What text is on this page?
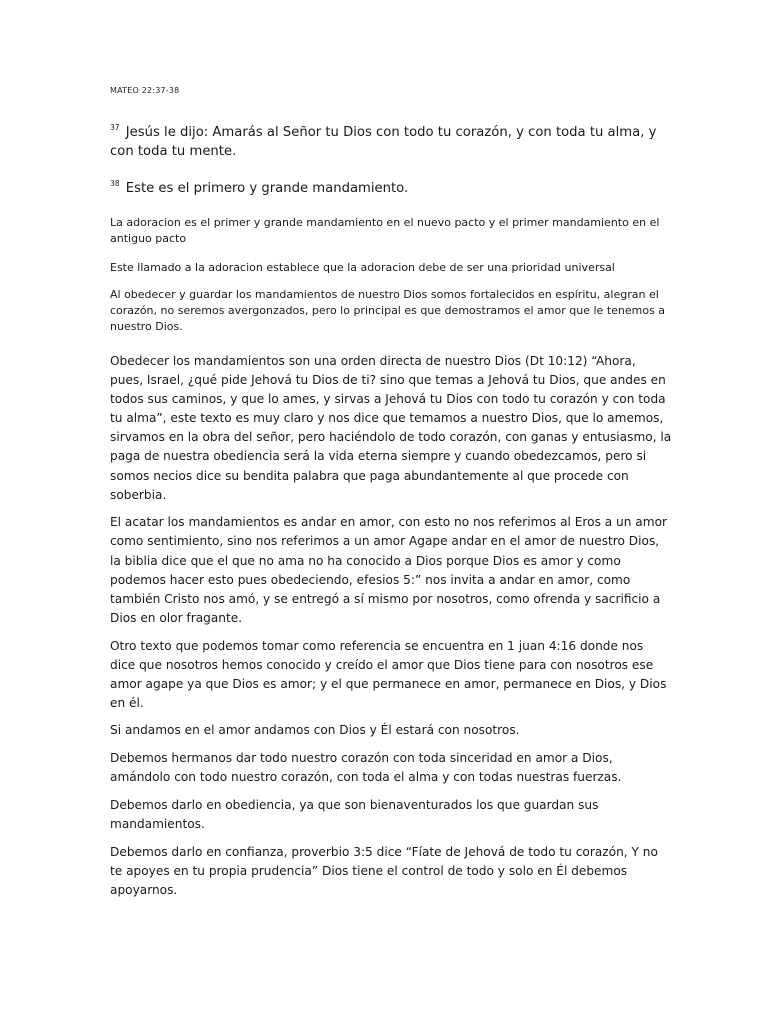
MATEO 22:37-38

$^{37}$ Jesús le dijo: Amarás al Señor tu Dios con todo tu corazón, y con toda tu alma, y con toda tu mente.

$^{38}$ Este es el primero y grande mandamiento.

La adoracion es el primer y grande mandamiento en el nuevo pacto y el primer mandamiento en el antiguo pacto

Este llamado a la adoracion establece que la adoracion debe de ser una prioridad universal

Al obedecer y guardar los mandamientos de nuestro Dios somos fortalecidos en espíritu, alegran el corazón, no seremos avergonzados, pero lo principal es que demostramos el amor que le tenemos a nuestro Dios.

Obedecer los mandamientos son una orden directa de nuestro Dios (Dt 10:12) “Ahora, pues, Israel, ¿qué pide Jehová tu Dios de ti? sino que temas a Jehová tu Dios, que andes en todos sus caminos, y que lo ames, y sirvas a Jehová tu Dios con todo tu corazón y con toda tu alma”, este texto es muy claro y nos dice que temamos a nuestro Dios, que lo amemos, sirvamos en la obra del señor, pero haciéndolo de todo corazón, con ganas y entusiasmo, la paga de nuestra obediencia será la vida eterna siempre y cuando obedezcamos, pero si somos necios dice su bendita palabra que paga abundantemente al que procede con soberbia.

El acatar los mandamientos es andar en amor, con esto no nos referimos al Eros a un amor como sentimiento, sino nos referimos a un amor Agape andar en el amor de nuestro Dios, la biblia dice que el que no ama no ha conocido a Dios porque Dios es amor y como podemos hacer esto pues obedeciendo, efesios 5:” nos invita a andar en amor, como también Cristo nos amó, y se entregó a sí mismo por nosotros, como ofrenda y sacrificio a Dios en olor fragante.

Otro texto que podemos tomar como referencia se encuentra en 1 juan 4:16 donde nos dice que nosotros hemos conocido y creído el amor que Dios tiene para con nosotros ese amor agape ya que Dios es amor; y el que permanece en amor, permanece en Dios, y Dios en él.

Si andamos en el amor andamos con Dios y Él estará con nosotros.

Debemos hermanos dar todo nuestro corazón con toda sinceridad en amor a Dios, amándolo con todo nuestro corazón, con toda el alma y con todas nuestras fuerzas.

Debemos darlo en obediencia, ya que son bienaventurados los que guardan sus mandamientos.

Debemos darlo en confianza, proverbio 3:5 dice “Fíate de Jehová de todo tu corazón, Y no te apoyes en tu propia prudencia” Dios tiene el control de todo y solo en Él debemos apoyarnos.
